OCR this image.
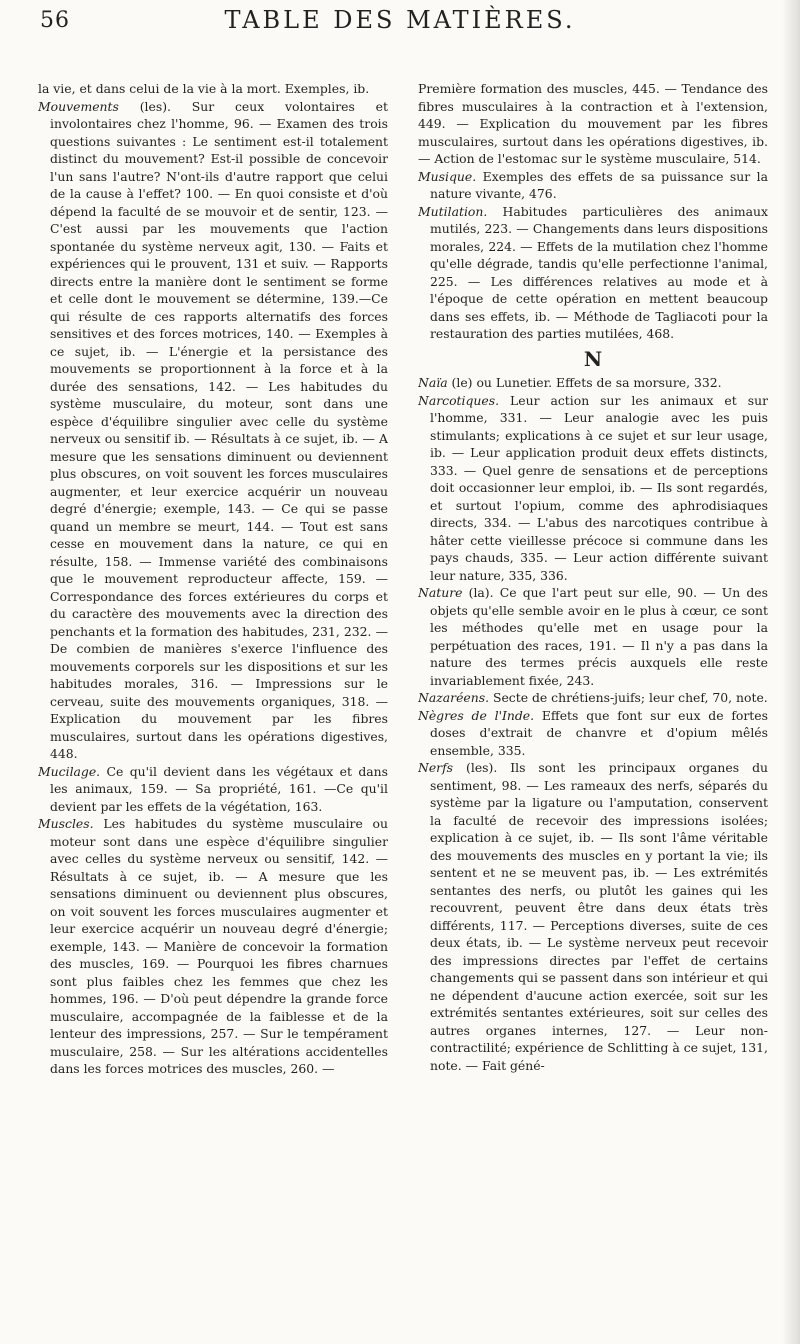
56	TABLE DES MATIÈRES.

la vie, et dans celui de la vie à la mort. Exemples, ib.

Mouvements (les). Sur ceux volontaires et involontaires chez l'homme, 96. — Examen des trois questions suivantes : Le sentiment est-il totalement distinct du mouvement? Est-il possible de concevoir l'un sans l'autre? N'ont-ils d'autre rapport que celui de la cause à l'effet? 100. — En quoi consiste et d'où dépend la faculté de se mouvoir et de sentir, 123. — C'est aussi par les mouvements que l'action spontanée du système nerveux agit, 130. — Faits et expériences qui le prouvent, 131 et suiv. — Rapports directs entre la manière dont le sentiment se forme et celle dont le mouvement se détermine, 139.—Ce qui résulte de ces rapports alternatifs des forces sensitives et des forces motrices, 140. — Exemples à ce sujet, ib. — L'énergie et la persistance des mouvements se proportionnent à la force et à la durée des sensations, 142. — Les habitudes du système musculaire, du moteur, sont dans une espèce d'équilibre singulier avec celle du système nerveux ou sensitif ib. — Résultats à ce sujet, ib. — A mesure que les sensations diminuent ou deviennent plus obscures, on voit souvent les forces musculaires augmenter, et leur exercice acquérir un nouveau degré d'énergie; exemple, 143. — Ce qui se passe quand un membre se meurt, 144. — Tout est sans cesse en mouvement dans la nature, ce qui en résulte, 158. — Immense variété des combinaisons que le mouvement reproducteur affecte, 159. — Correspondance des forces extérieures du corps et du caractère des mouvements avec la direction des penchants et la formation des habitudes, 231, 232. — De combien de manières s'exerce l'influence des mouvements corporels sur les dispositions et sur les habitudes morales, 316. — Impressions sur le cerveau, suite des mouvements organiques, 318. — Explication du mouvement par les fibres musculaires, surtout dans les opérations digestives, 448.

Mucilage. Ce qu'il devient dans les végétaux et dans les animaux, 159. — Sa propriété, 161. —Ce qu'il devient par les effets de la végétation, 163.

Muscles. Les habitudes du système musculaire ou moteur sont dans une espèce d'équilibre singulier avec celles du système nerveux ou sensitif, 142. — Résultats à ce sujet, ib. — A mesure que les sensations diminuent ou deviennent plus obscures, on voit souvent les forces musculaires augmenter et leur exercice acquérir un nouveau degré d'énergie; exemple, 143. — Manière de concevoir la formation des muscles, 169. — Pourquoi les fibres charnues sont plus faibles chez les femmes que chez les hommes, 196. — D'où peut dépendre la grande force musculaire, accompagnée de la faiblesse et de la lenteur des impressions, 257. — Sur le tempérament musculaire, 258. — Sur les altérations accidentelles dans les forces motrices des muscles, 260. —

Première formation des muscles, 445. — Tendance des fibres musculaires à la contraction et à l'extension, 449. — Explication du mouvement par les fibres musculaires, surtout dans les opérations digestives, ib. — Action de l'estomac sur le système musculaire, 514.

Musique. Exemples des effets de sa puissance sur la nature vivante, 476.

Mutilation. Habitudes particulières des animaux mutilés, 223. — Changements dans leurs dispositions morales, 224. — Effets de la mutilation chez l'homme qu'elle dégrade, tandis qu'elle perfectionne l'animal, 225. — Les différences relatives au mode et à l'époque de cette opération en mettent beaucoup dans ses effets, ib. — Méthode de Tagliacoti pour la restauration des parties mutilées, 468.

N

Naïa (le) ou Lunetier. Effets de sa morsure, 332.

Narcotiques. Leur action sur les animaux et sur l'homme, 331. — Leur analogie avec les puis stimulants; explications à ce sujet et sur leur usage, ib. — Leur application produit deux effets distincts, 333. — Quel genre de sensations et de perceptions doit occasionner leur emploi, ib. — Ils sont regardés, et surtout l'opium, comme des aphrodisiaques directs, 334. — L'abus des narcotiques contribue à hâter cette vieillesse précoce si commune dans les pays chauds, 335. — Leur action différente suivant leur nature, 335, 336.

Nature (la). Ce que l'art peut sur elle, 90. — Un des objets qu'elle semble avoir en le plus à cœur, ce sont les méthodes qu'elle met en usage pour la perpétuation des races, 191. — Il n'y a pas dans la nature des termes précis auxquels elle reste invariablement fixée, 243.

Nazaréens. Secte de chrétiens-juifs; leur chef, 70, note.

Nègres de l'Inde. Effets que font sur eux de fortes doses d'extrait de chanvre et d'opium mêlés ensemble, 335.

Nerfs (les). Ils sont les principaux organes du sentiment, 98. — Les rameaux des nerfs, séparés du système par la ligature ou l'amputation, conservent la faculté de recevoir des impressions isolées; explication à ce sujet, ib. — Ils sont l'âme véritable des mouvements des muscles en y portant la vie; ils sentent et ne se meuvent pas, ib. — Les extrémités sentantes des nerfs, ou plutôt les gaines qui les recouvrent, peuvent être dans deux états très différents, 117. — Perceptions diverses, suite de ces deux états, ib. — Le système nerveux peut recevoir des impressions directes par l'effet de certains changements qui se passent dans son intérieur et qui ne dépendent d'aucune action exercée, soit sur les extrémités sentantes extérieures, soit sur celles des autres organes internes, 127. — Leur non-contractilité; expérience de Schlitting à ce sujet, 131, note. — Fait géné-
